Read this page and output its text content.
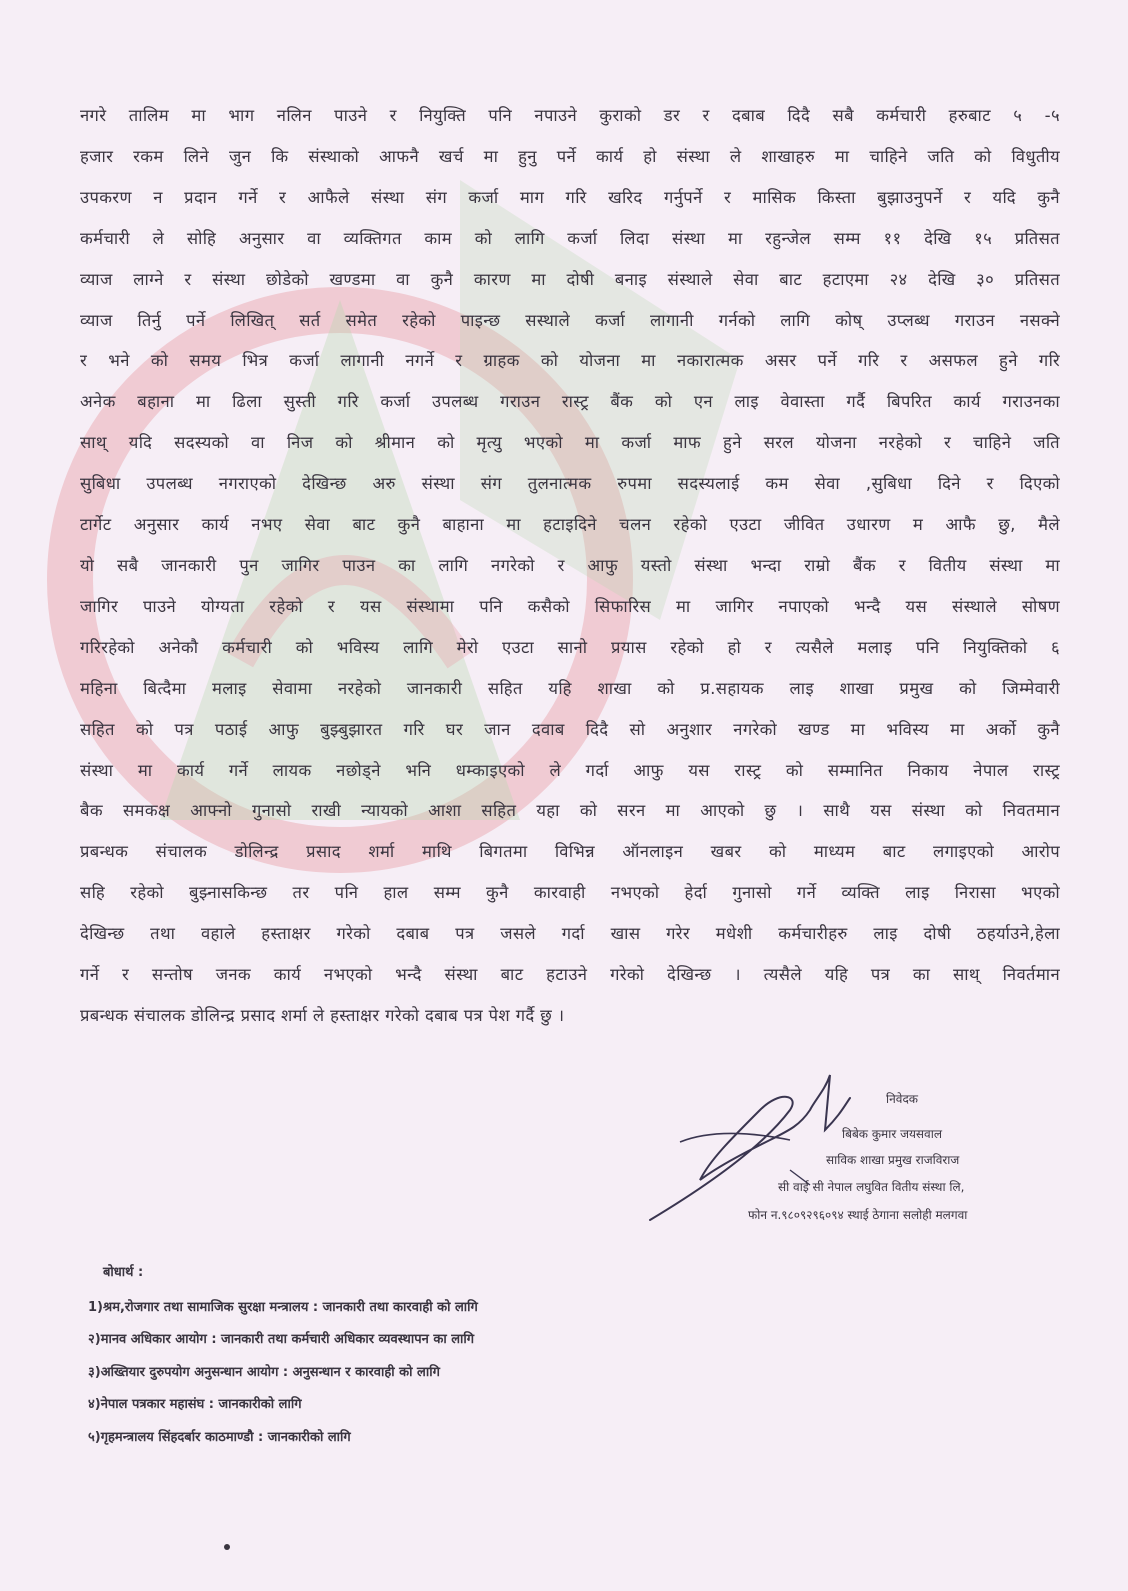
नगरे तालिम मा भाग नलिन पाउने र नियुक्ति पनि नपाउने कुराको डर र दबाब दिदै सबै कर्मचारी हरुबाट ५ -५
हजार रकम लिने जुन कि संस्थाको आफनै खर्च मा हुनु पर्ने कार्य हो संस्था ले शाखाहरु मा चाहिने जति को विधुतीय
उपकरण न प्रदान गर्ने र आफैले संस्था संग कर्जा माग गरि खरिद गर्नुपर्ने र मासिक किस्ता बुझाउनुपर्ने र यदि कुनै
कर्मचारी ले सोहि अनुसार वा व्यक्तिगत काम को लागि कर्जा लिदा संस्था मा रहुन्जेल सम्म ११ देखि १५ प्रतिसत
व्याज लाग्ने र संस्था छोडेको खण्डमा वा कुनै कारण मा दोषी बनाइ संस्थाले सेवा बाट हटाएमा २४ देखि ३० प्रतिसत
व्याज तिर्नु पर्ने लिखित् सर्त समेत रहेको पाइन्छ सस्थाले कर्जा लागानी गर्नको लागि कोष् उप्लब्ध गराउन नसक्ने
र भने को समय भित्र कर्जा लागानी नगर्ने र ग्राहक को योजना मा नकारात्मक असर पर्ने गरि र असफल हुने गरि
अनेक बहाना मा ढिला सुस्ती गरि कर्जा उपलब्ध गराउन रास्ट्र बैंक को एन लाइ वेवास्ता गर्दै बिपरित कार्य गराउनका
साथ् यदि सदस्यको वा निज को श्रीमान को मृत्यु भएको मा कर्जा माफ हुने सरल योजना नरहेको र चाहिने जति
सुबिधा उपलब्ध नगराएको देखिन्छ अरु संस्था संग तुलनात्मक रुपमा सदस्यलाई कम सेवा ,सुबिधा दिने र दिएको
टार्गेट अनुसार कार्य नभए सेवा बाट कुनै बाहाना मा हटाइदिने चलन रहेको एउटा जीवित उधारण म आफै छु, मैले
यो सबै जानकारी पुन जागिर पाउन का लागि नगरेको र आफु यस्तो संस्था भन्दा राम्रो बैंक र वितीय संस्था मा
जागिर पाउने योग्यता रहेको र यस संस्थामा पनि कसैको सिफारिस मा जागिर नपाएको भन्दै यस संस्थाले सोषण
गरिरहेको अनेकौ कर्मचारी को भविस्य लागि मेरो एउटा सानो प्रयास रहेको हो र त्यसैले मलाइ पनि नियुक्तिको ६
महिना बित्दैमा मलाइ सेवामा नरहेको जानकारी सहित यहि शाखा को प्र.सहायक लाइ शाखा प्रमुख को जिम्मेवारी
सहित को पत्र पठाई आफु बुझ्बुझारत गरि घर जान दवाब दिदै सो अनुशार नगरेको खण्ड मा भविस्य मा अर्को कुनै
संस्था मा कार्य गर्ने लायक नछोड्ने भनि धम्काइएको ले गर्दा आफु यस रास्ट्र को सम्मानित निकाय नेपाल रास्ट्र
बैक समकक्ष आफ्नो गुनासो राखी न्यायको आशा सहित यहा को सरन मा आएको छु । साथै यस संस्था को निवतमान
प्रबन्धक संचालक डोलिन्द्र प्रसाद शर्मा माथि बिगतमा विभिन्न ऑनलाइन खबर को माध्यम बाट लगाइएको आरोप
सहि रहेको बुझ्नासकिन्छ तर पनि हाल सम्म कुनै कारवाही नभएको हेर्दा गुनासो गर्ने व्यक्ति लाइ निरासा भएको
देखिन्छ तथा वहाले हस्ताक्षर गरेको दबाब पत्र जसले गर्दा खास गरेर मधेशी कर्मचारीहरु लाइ दोषी ठहर्याउने,हेला
गर्ने र सन्तोष जनक कार्य नभएको भन्दै संस्था बाट हटाउने गरेको देखिन्छ । त्यसैले यहि पत्र का साथ् निवर्तमान
प्रबन्धक संचालक डोलिन्द्र प्रसाद शर्मा ले हस्ताक्षर गरेको दबाब पत्र पेश गर्दै छु ।
निवेदक
बिबेक कुमार जयसवाल
साविक शाखा प्रमुख राजविराज
सी वाई सी नेपाल लघुवित वितीय संस्था लि,
फोन न.९८०९२९६०९४ स्थाई ठेगाना सलोही मलगवा
बोधार्थ :
1)श्रम,रोजगार तथा सामाजिक सुरक्षा मन्त्रालय : जानकारी तथा कारवाही को लागि
२)मानव अधिकार आयोग : जानकारी तथा कर्मचारी अधिकार व्यवस्थापन का लागि
३)अख्तियार दुरुपयोग अनुसन्धान आयोग : अनुसन्धान र कारवाही को लागि
४)नेपाल पत्रकार महासंघ : जानकारीको लागि
५)गृहमन्त्रालय सिंहदर्बार काठमाण्डौ : जानकारीको लागि
